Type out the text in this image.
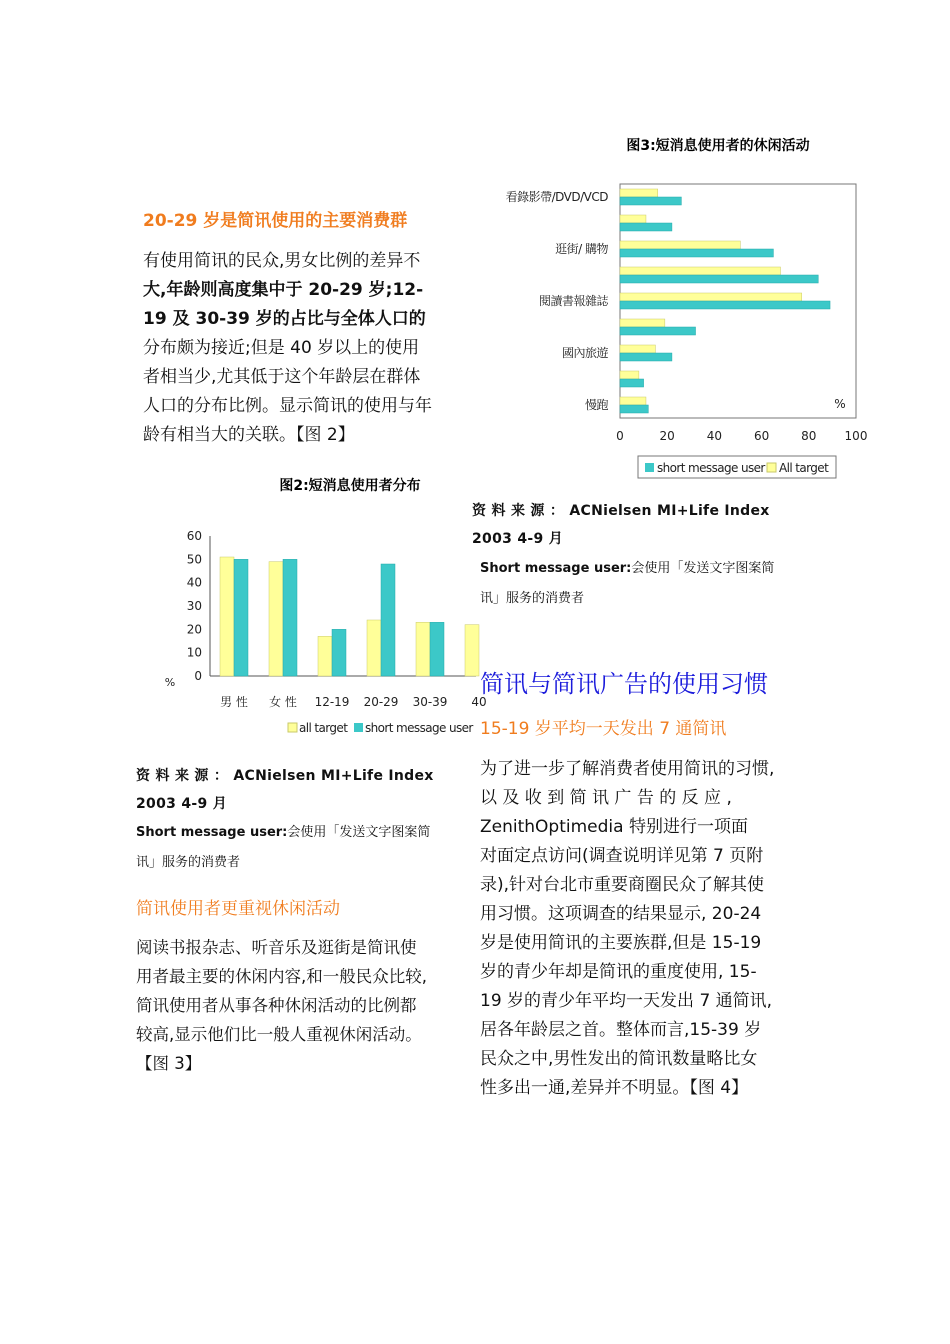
20-29 岁是简讯使用的主要消费群
有使用简讯的民众,男女比例的差异不
大,年龄则高度集中于 20-29 岁;12-
19 及 30-39 岁的占比与全体人口的
分布颇为接近;但是 40 岁以上的使用
者相当少,尤其低于这个年龄层在群体
人口的分布比例。显示简讯的使用与年
龄有相当大的关联。【图 2】
图2:短消息使用者分布
0
10
20
30
40
50
60
%
男 性 女 性 12-19 20-29 30-39 40
all target short message user
资 料 来 源 ： ACNielsen MI+Life Index
2003 4-9 月
Short message user:会使用「发送文字图案简
讯」服务的消费者
简讯使用者更重视休闲活动
阅读书报杂志、听音乐及逛街是简讯使
用者最主要的休闲内容,和一般民众比较,
简讯使用者从事各种休闲活动的比例都
较高,显示他们比一般人重视休闲活动。
【图 3】
图3:短消息使用者的休闲活动
0	20	40	60	80 100
%
看錄影帶/DVD/VCD
逛街/ 購物
閱讀書報雜誌
國內旅遊
慢跑
short message user All target
资 料 来 源 ： ACNielsen MI+Life Index
2003 4-9 月
Short message user:会使用「发送文字图案简
讯」服务的消费者
简讯与简讯广告的使用习惯
15-19 岁平均一天发出 7 通简讯
为了进一步了解消费者使用简讯的习惯,
以 及 收 到 简 讯 广 告 的 反 应 ,
ZenithOptimedia 特别进行一项面
对面定点访问(调查说明详见第 7 页附
录),针对台北市重要商圈民众了解其使
用习惯。这项调查的结果显示, 20-24
岁是使用简讯的主要族群,但是 15-19
岁的青少年却是简讯的重度使用, 15-
19 岁的青少年平均一天发出 7 通简讯,
居各年龄层之首。整体而言,15-39 岁
民众之中,男性发出的简讯数量略比女
性多出一通,差异并不明显。【图 4】
